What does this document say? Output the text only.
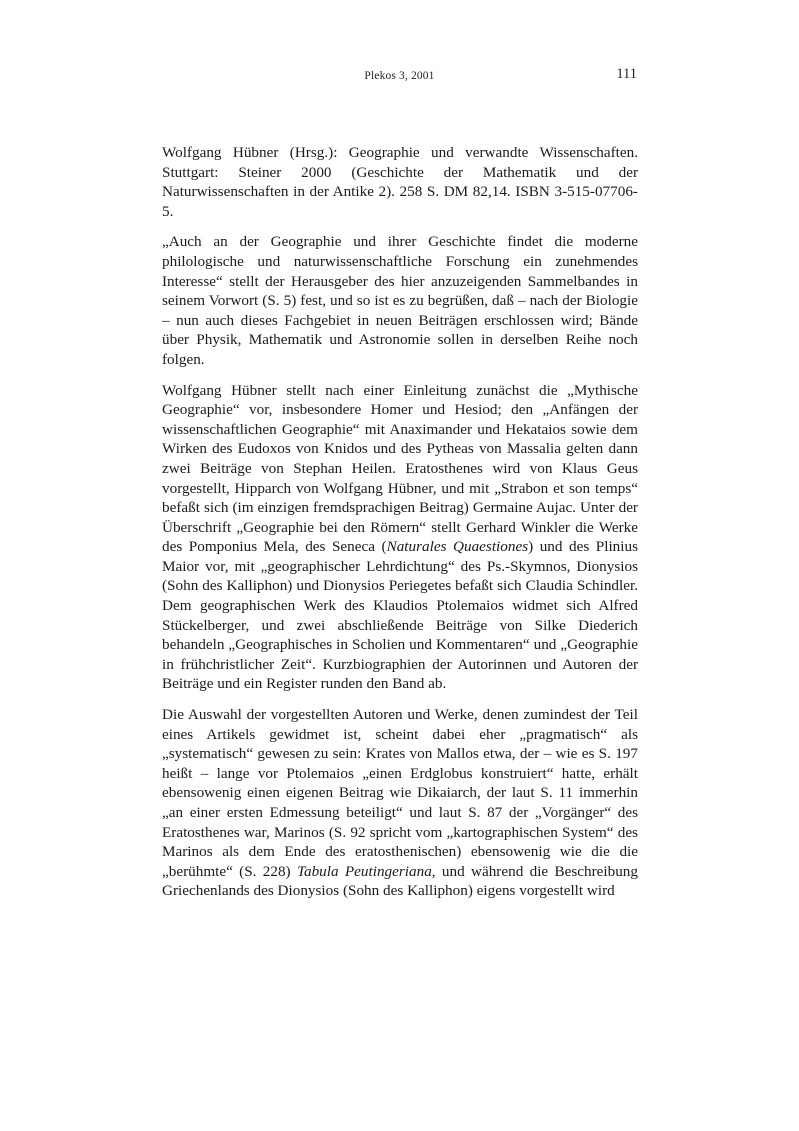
Plekos 3, 2001	111
Wolfgang Hübner (Hrsg.): Geographie und verwandte Wissenschaften. Stuttgart: Steiner 2000 (Geschichte der Mathematik und der Naturwissenschaften in der Antike 2). 258 S. DM 82,14. ISBN 3-515-07706-5.
„Auch an der Geographie und ihrer Geschichte findet die moderne philologische und naturwissenschaftliche Forschung ein zunehmendes Interesse“ stellt der Herausgeber des hier anzuzeigenden Sammelbandes in seinem Vorwort (S. 5) fest, und so ist es zu begrüßen, daß – nach der Biologie – nun auch dieses Fachgebiet in neuen Beiträgen erschlossen wird; Bände über Physik, Mathematik und Astronomie sollen in derselben Reihe noch folgen.
Wolfgang Hübner stellt nach einer Einleitung zunächst die „Mythische Geographie“ vor, insbesondere Homer und Hesiod; den „Anfängen der wissenschaftlichen Geographie“ mit Anaximander und Hekataios sowie dem Wirken des Eudoxos von Knidos und des Pytheas von Massalia gelten dann zwei Beiträge von Stephan Heilen. Eratosthenes wird von Klaus Geus vorgestellt, Hipparch von Wolfgang Hübner, und mit „Strabon et son temps“ befaßt sich (im einzigen fremdsprachigen Beitrag) Germaine Aujac. Unter der Überschrift „Geographie bei den Römern“ stellt Gerhard Winkler die Werke des Pomponius Mela, des Seneca (Naturales Quaestiones) und des Plinius Maior vor, mit „geographischer Lehrdichtung“ des Ps.-Skymnos, Dionysios (Sohn des Kalliphon) und Dionysios Periegetes befaßt sich Claudia Schindler. Dem geographischen Werk des Klaudios Ptolemaios widmet sich Alfred Stückelberger, und zwei abschließende Beiträge von Silke Diederich behandeln „Geographisches in Scholien und Kommentaren“ und „Geographie in frühchristlicher Zeit“. Kurzbiographien der Autorinnen und Autoren der Beiträge und ein Register runden den Band ab.
Die Auswahl der vorgestellten Autoren und Werke, denen zumindest der Teil eines Artikels gewidmet ist, scheint dabei eher „pragmatisch“ als „systematisch“ gewesen zu sein: Krates von Mallos etwa, der – wie es S. 197 heißt – lange vor Ptolemaios „einen Erdglobus konstruiert“ hatte, erhält ebensowenig einen eigenen Beitrag wie Dikaiarch, der laut S. 11 immerhin „an einer ersten Edmessung beteiligt“ und laut S. 87 der „Vorgänger“ des Eratosthenes war, Marinos (S. 92 spricht vom „kartographischen System“ des Marinos als dem Ende des eratosthenischen) ebensowenig wie die die „berühmte“ (S. 228) Tabula Peutingeriana, und während die Beschreibung Griechenlands des Dionysios (Sohn des Kalliphon) eigens vorgestellt wird
